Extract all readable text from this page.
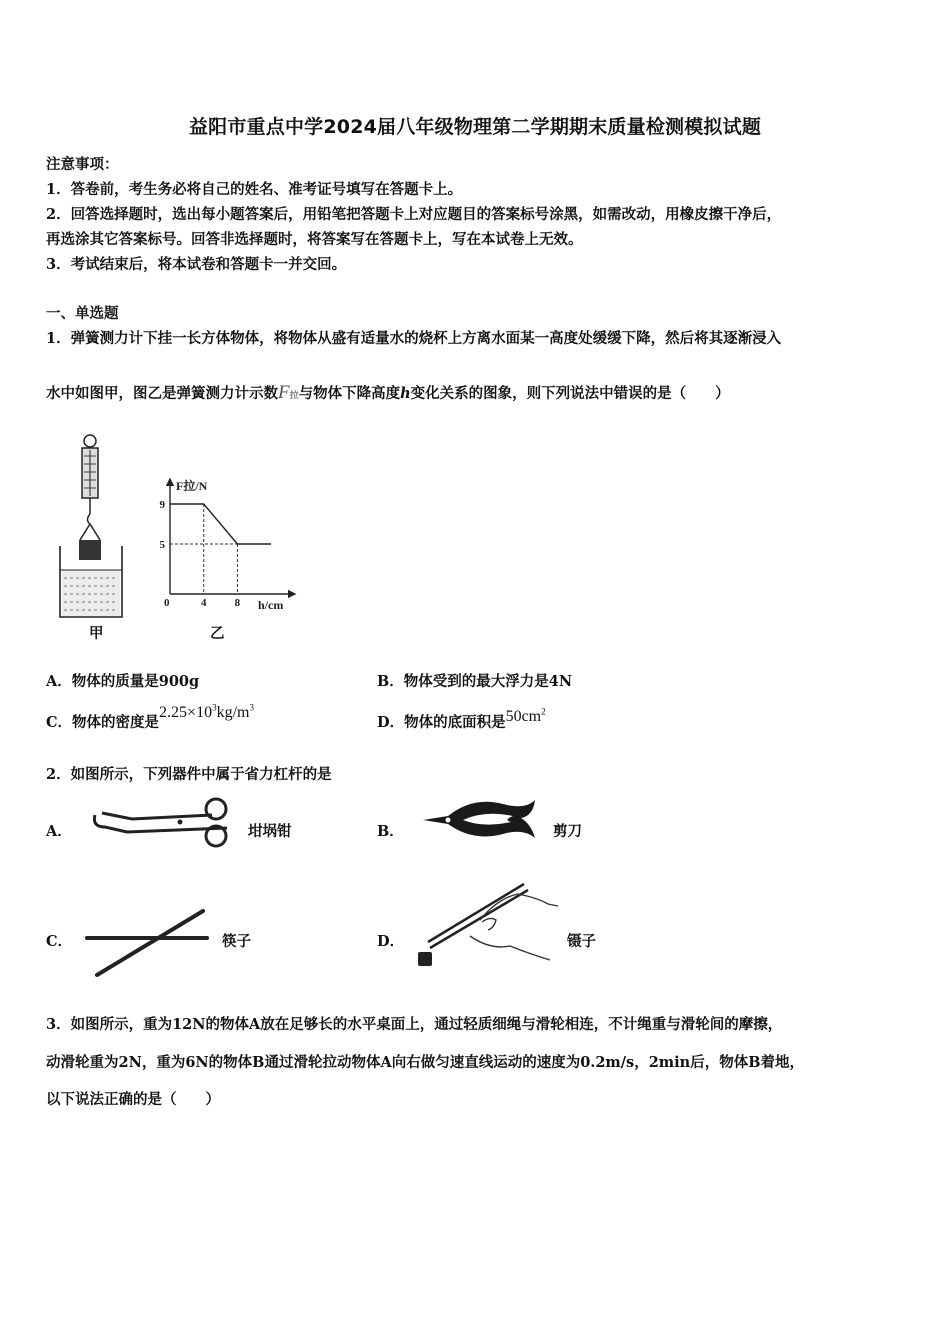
益阳市重点中学2024届八年级物理第二学期期末质量检测模拟试题
注意事项：
1．答卷前，考生务必将自己的姓名、准考证号填写在答题卡上。
2．回答选择题时，选出每小题答案后，用铅笔把答题卡上对应题目的答案标号涂黑，如需改动，用橡皮擦干净后，
再选涂其它答案标号。回答非选择题时，将答案写在答题卡上，写在本试卷上无效。
3．考试结束后，将本试卷和答题卡一并交回。
一、单选题
1．弹簧测力计下挂一长方体物体，将物体从盛有适量水的烧杯上方离水面某一高度处缓缓下降，然后将其逐渐浸入
水中如图甲，图乙是弹簧测力计示数F拉与物体下降高度h变化关系的图象，则下列说法中错误的是（　　）
甲
F拉/N
h/cm
0
9
5
4	8
乙
A．物体的质量是900g	B．物体受到的最大浮力是4N
C．物体的密度是$2.25\times 10^3kg/m^3$
D．物体的底面积是$50cm^2$
2．如图所示，下列器件中属于省力杠杆的是
A．	坩埚钳	B．	剪刀
C．	筷子	D．	镊子
3．如图所示，重为12N的物体A放在足够长的水平桌面上，通过轻质细绳与滑轮相连，不计绳重与滑轮间的摩擦，
动滑轮重为2N，重为6N的物体B通过滑轮拉动物体A向右做匀速直线运动的速度为0.2m/s，2min后，物体B着地，
以下说法正确的是（　　）
